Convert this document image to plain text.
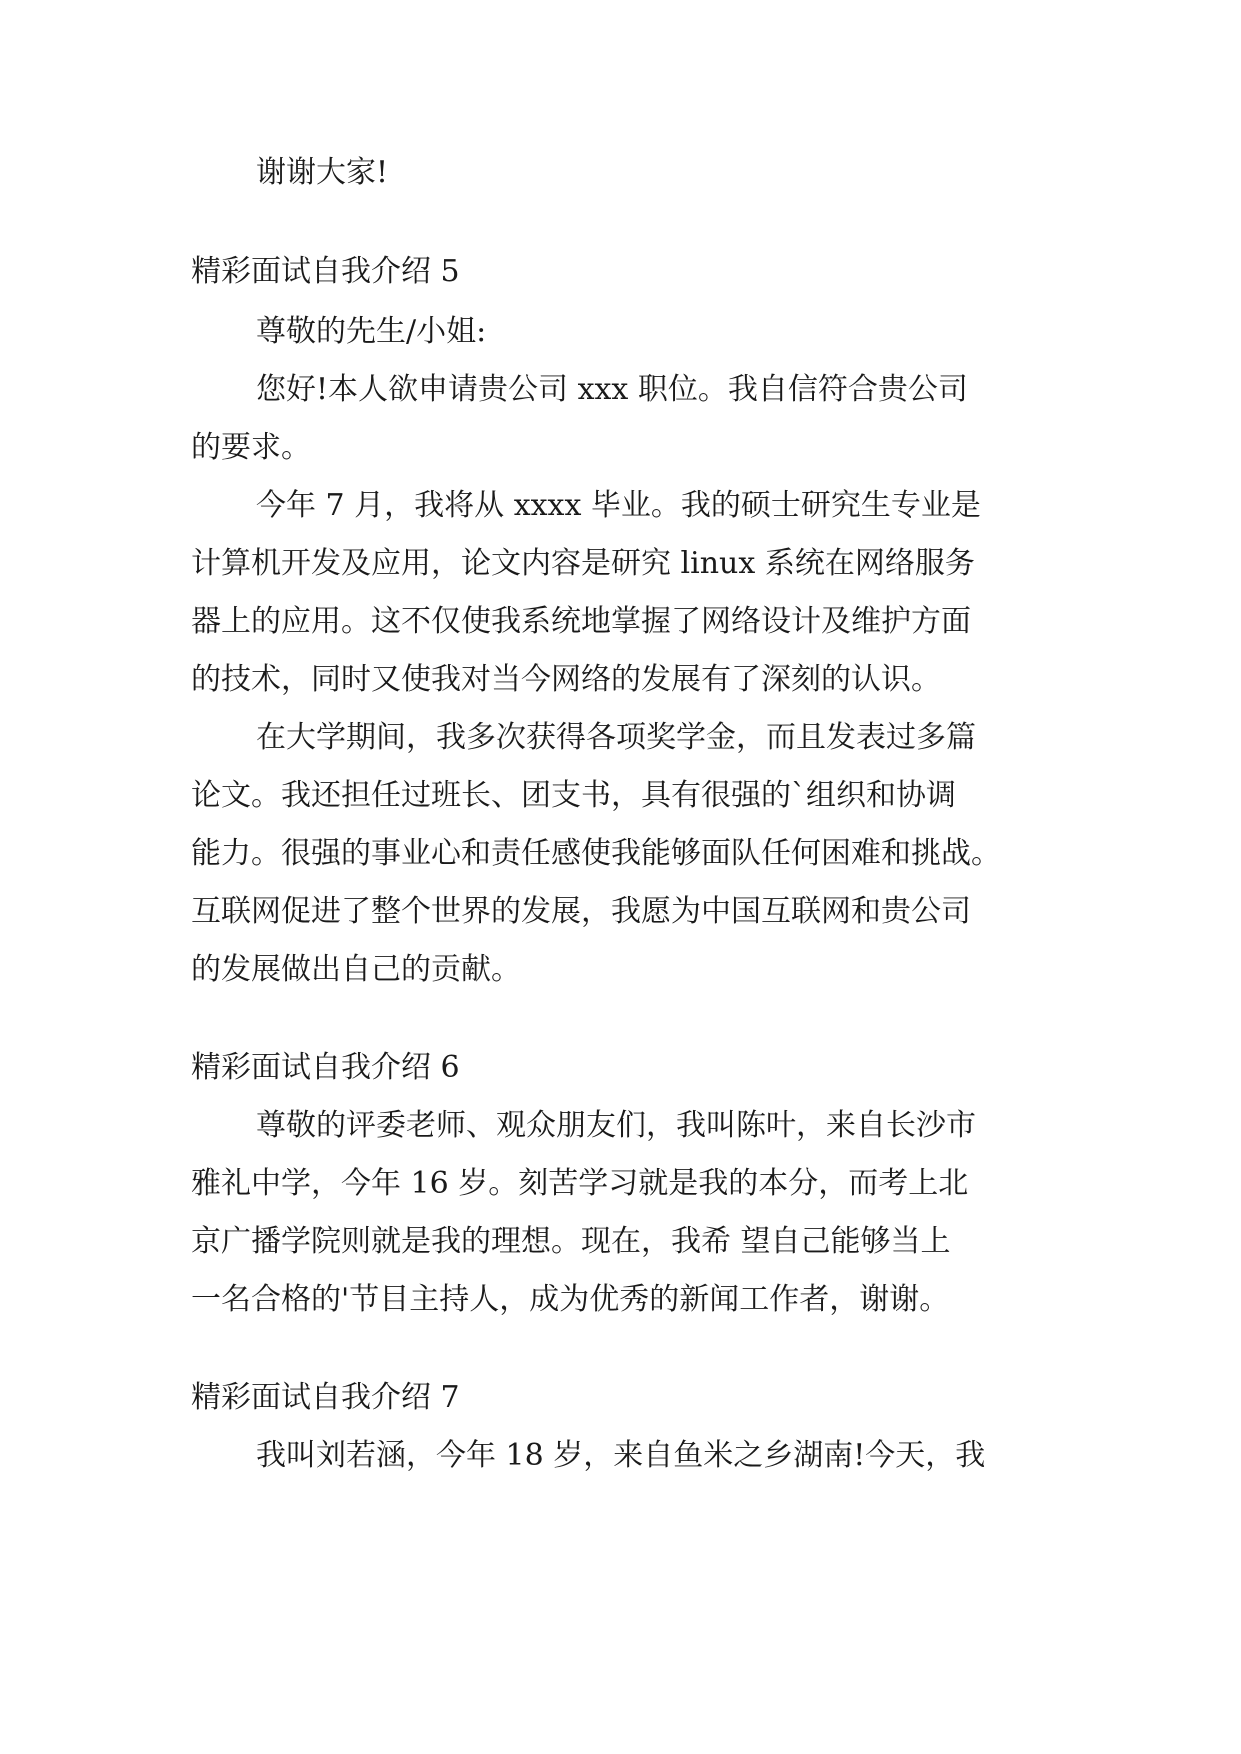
谢谢大家!

精彩面试自我介绍 5

尊敬的先生/小姐:

您好!本人欲申请贵公司 xxx 职位。我自信符合贵公司

的要求。

今年 7 月，我将从 xxxx 毕业。我的硕士研究生专业是

计算机开发及应用，论文内容是研究 linux 系统在网络服务

器上的应用。这不仅使我系统地掌握了网络设计及维护方面

的技术，同时又使我对当今网络的发展有了深刻的认识。

在大学期间，我多次获得各项奖学金，而且发表过多篇

论文。我还担任过班长、团支书，具有很强的`组织和协调

能力。很强的事业心和责任感使我能够面队任何困难和挑战。

互联网促进了整个世界的发展，我愿为中国互联网和贵公司

的发展做出自己的贡献。

精彩面试自我介绍 6

尊敬的评委老师、观众朋友们，我叫陈叶，来自长沙市

雅礼中学，今年 16 岁。刻苦学习就是我的本分，而考上北

京广播学院则就是我的理想。现在，我希 望自己能够当上

一名合格的'节目主持人，成为优秀的新闻工作者，谢谢。

精彩面试自我介绍 7

我叫刘若涵，今年 18 岁，来自鱼米之乡湖南!今天，我
